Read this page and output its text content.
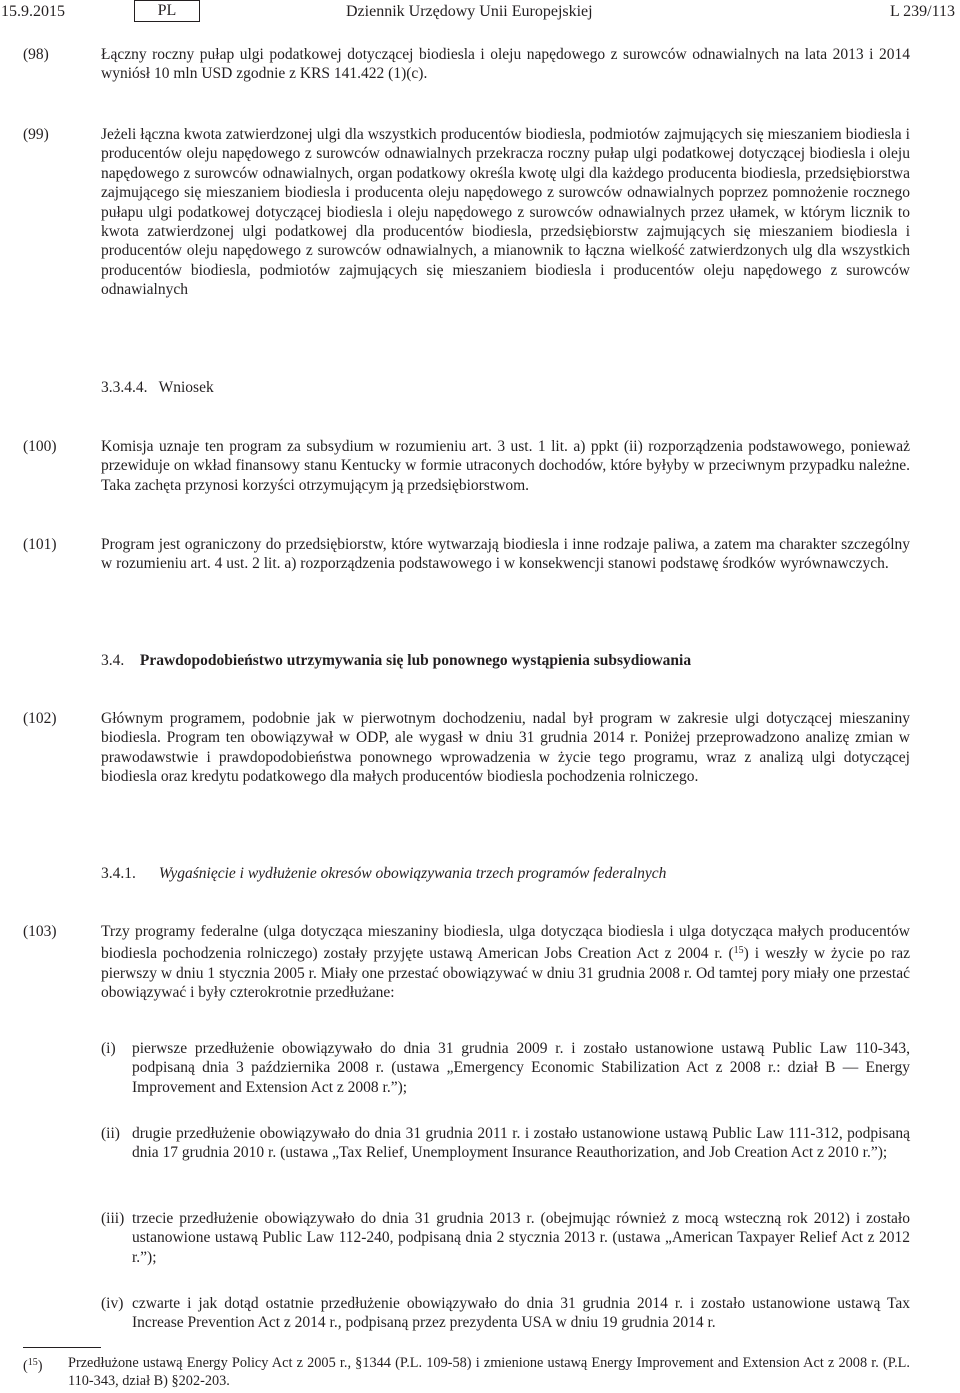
15.9.2015	PL	Dziennik Urzędowy Unii Europejskiej	L 239/113
(98)	Łączny roczny pułap ulgi podatkowej dotyczącej biodiesla i oleju napędowego z surowców odnawialnych na lata 2013 i 2014 wyniósł 10 mln USD zgodnie z KRS 141.422 (1)(c).
(99)	Jeżeli łączna kwota zatwierdzonej ulgi dla wszystkich producentów biodiesla, podmiotów zajmujących się mieszaniem biodiesla i producentów oleju napędowego z surowców odnawialnych przekracza roczny pułap ulgi podatkowej dotyczącej biodiesla i oleju napędowego z surowców odnawialnych, organ podatkowy określa kwotę ulgi dla każdego producenta biodiesla, przedsiębiorstwa zajmującego się mieszaniem biodiesla i producenta oleju napędowego z surowców odnawialnych poprzez pomnożenie rocznego pułapu ulgi podatkowej dotyczącej biodiesla i oleju napędowego z surowców odnawialnych przez ułamek, w którym licznik to kwota zatwierdzonej ulgi podatkowej dla producentów biodiesla, przedsiębiorstw zajmujących się mieszaniem biodiesla i producentów oleju napędowego z surowców odnawialnych, a mianownik to łączna wielkość zatwierdzonych ulg dla wszystkich producentów biodiesla, podmiotów zajmujących się mieszaniem biodiesla i producentów oleju napędowego z surowców odnawialnych
3.3.4.4. Wniosek
(100)	Komisja uznaje ten program za subsydium w rozumieniu art. 3 ust. 1 lit. a) ppkt (ii) rozporządzenia podstawowego, ponieważ przewiduje on wkład finansowy stanu Kentucky w formie utraconych dochodów, które byłyby w przeciwnym przypadku należne. Taka zachęta przynosi korzyści otrzymującym ją przedsiębiorstwom.
(101)	Program jest ograniczony do przedsiębiorstw, które wytwarzają biodiesla i inne rodzaje paliwa, a zatem ma charakter szczególny w rozumieniu art. 4 ust. 2 lit. a) rozporządzenia podstawowego i w konsekwencji stanowi podstawę środków wyrównawczych.
3.4. Prawdopodobieństwo utrzymywania się lub ponownego wystąpienia subsydiowania
(102)	Głównym programem, podobnie jak w pierwotnym dochodzeniu, nadal był program w zakresie ulgi dotyczącej mieszaniny biodiesla. Program ten obowiązywał w ODP, ale wygasł w dniu 31 grudnia 2014 r. Poniżej przeprowadzono analizę zmian w prawodawstwie i prawdopodobieństwa ponownego wprowadzenia w życie tego programu, wraz z analizą ulgi dotyczącej biodiesla oraz kredytu podatkowego dla małych producentów biodiesla pochodzenia rolniczego.
3.4.1. Wygaśnięcie i wydłużenie okresów obowiązywania trzech programów federalnych
(103)	Trzy programy federalne (ulga dotycząca mieszaniny biodiesla, ulga dotycząca biodiesla i ulga dotycząca małych producentów biodiesla pochodzenia rolniczego) zostały przyjęte ustawą American Jobs Creation Act z 2004 r. ($^{15}$) i weszły w życie po raz pierwszy w dniu 1 stycznia 2005 r. Miały one przestać obowiązywać w dniu 31 grudnia 2008 r. Od tamtej pory miały one przestać obowiązywać i były czterokrotnie przedłużane:
(i) pierwsze przedłużenie obowiązywało do dnia 31 grudnia 2009 r. i zostało ustanowione ustawą Public Law 110-343, podpisaną dnia 3 października 2008 r. (ustawa „Emergency Economic Stabilization Act z 2008 r.: dział B — Energy Improvement and Extension Act z 2008 r.”);
(ii) drugie przedłużenie obowiązywało do dnia 31 grudnia 2011 r. i zostało ustanowione ustawą Public Law 111-312, podpisaną dnia 17 grudnia 2010 r. (ustawa „Tax Relief, Unemployment Insurance Reauthorization, and Job Creation Act z 2010 r.”);
(iii) trzecie przedłużenie obowiązywało do dnia 31 grudnia 2013 r. (obejmując również z mocą wsteczną rok 2012) i zostało ustanowione ustawą Public Law 112-240, podpisaną dnia 2 stycznia 2013 r. (ustawa „American Taxpayer Relief Act z 2012 r.”);
(iv) czwarte i jak dotąd ostatnie przedłużenie obowiązywało do dnia 31 grudnia 2014 r. i zostało ustanowione ustawą Tax Increase Prevention Act z 2014 r., podpisaną przez prezydenta USA w dniu 19 grudnia 2014 r.
($^{15}$) Przedłużone ustawą Energy Policy Act z 2005 r., §1344 (P.L. 109-58) i zmienione ustawą Energy Improvement and Extension Act z 2008 r. (P.L. 110-343, dział B) §202-203.
